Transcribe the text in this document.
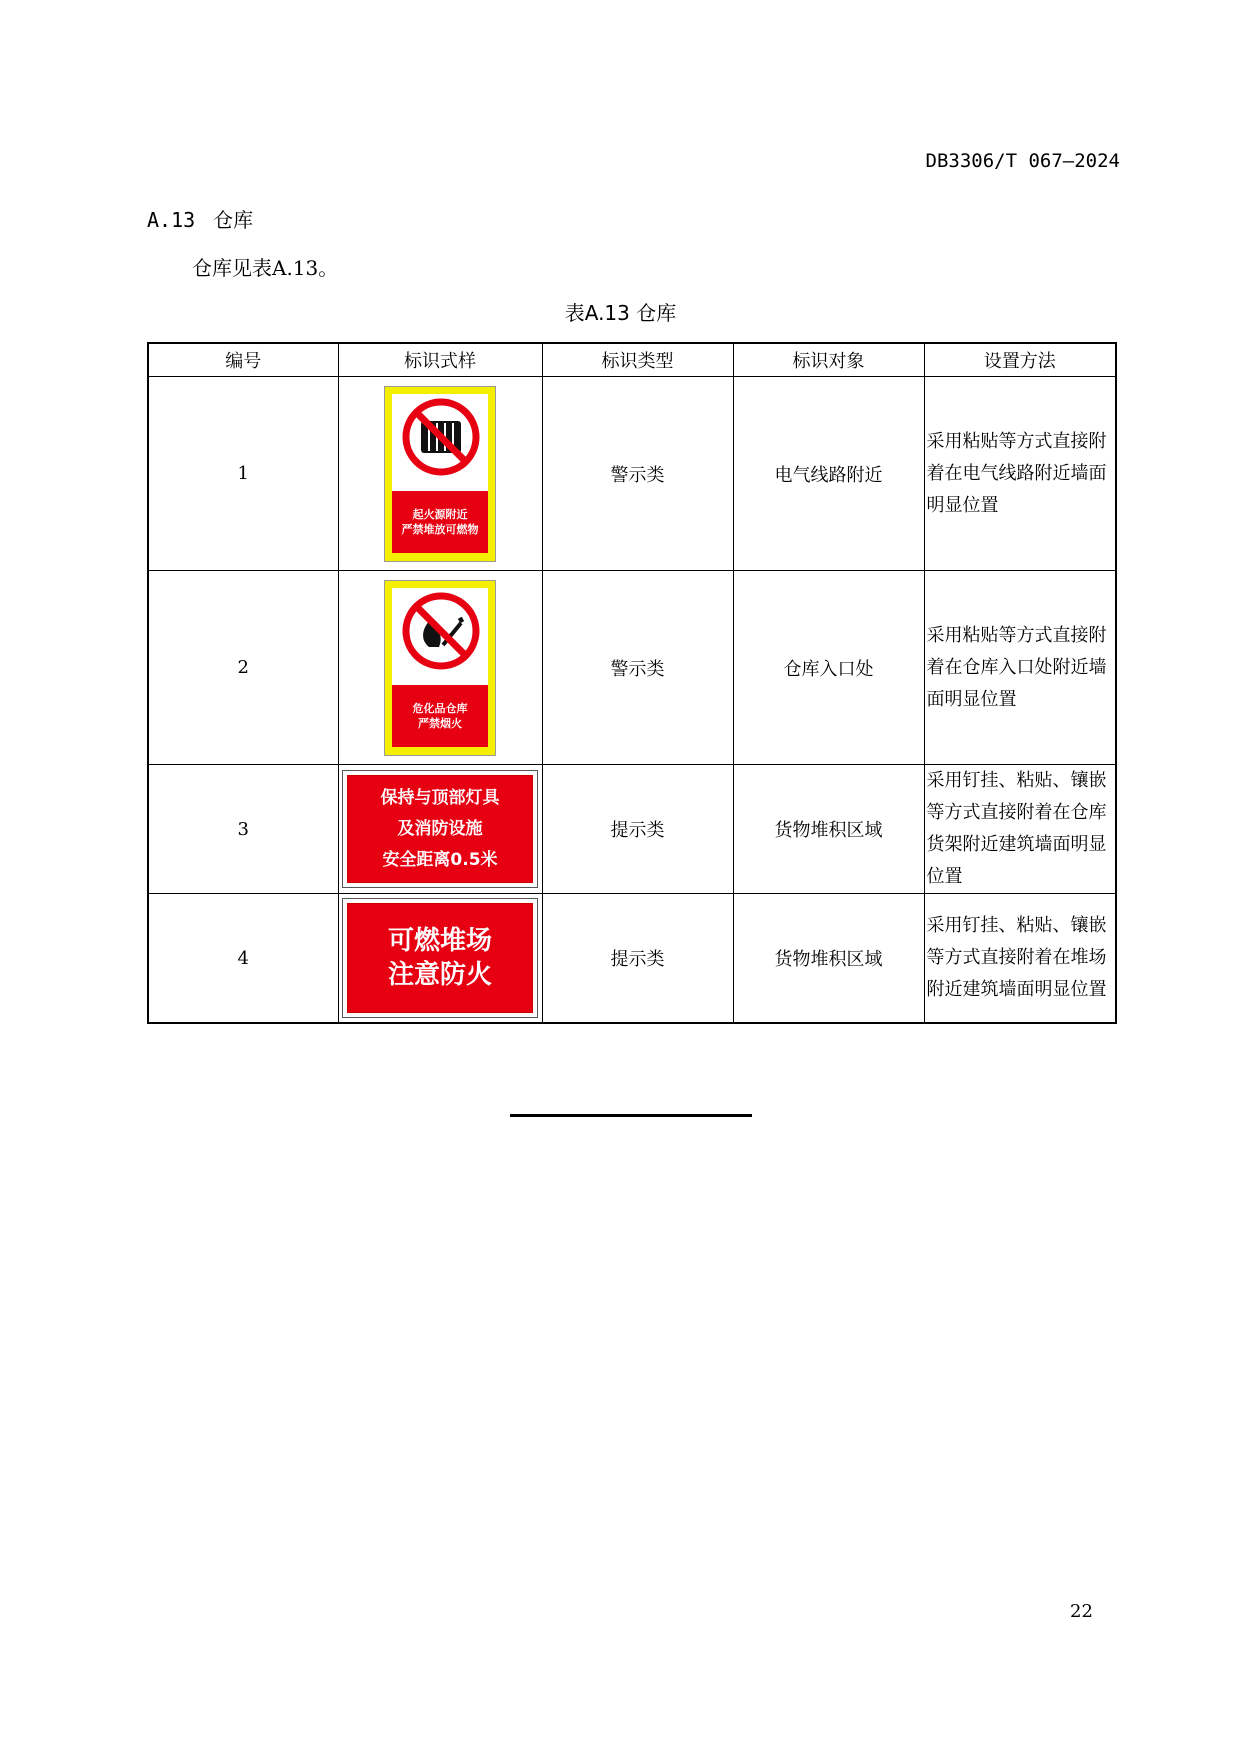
DB3306/T 067—2024
A.13 仓库
仓库见表A.13。
表A.13 仓库
编号	标识式样	标识类型	标识对象	设置方法
1	起火源附近
严禁堆放可燃物	警示类	电气线路附近	采用粘贴等方式直接附着在电气线路附近墙面明显位置
2	危化品仓库
严禁烟火	警示类	仓库入口处	采用粘贴等方式直接附着在仓库入口处附近墙面明显位置
3	保持与顶部灯具
及消防设施
安全距离0.5米	提示类	货物堆积区域	采用钉挂、粘贴、镶嵌等方式直接附着在仓库货架附近建筑墙面明显位置
4	可燃堆场
注意防火	提示类	货物堆积区域	采用钉挂、粘贴、镶嵌等方式直接附着在堆场附近建筑墙面明显位置
22
